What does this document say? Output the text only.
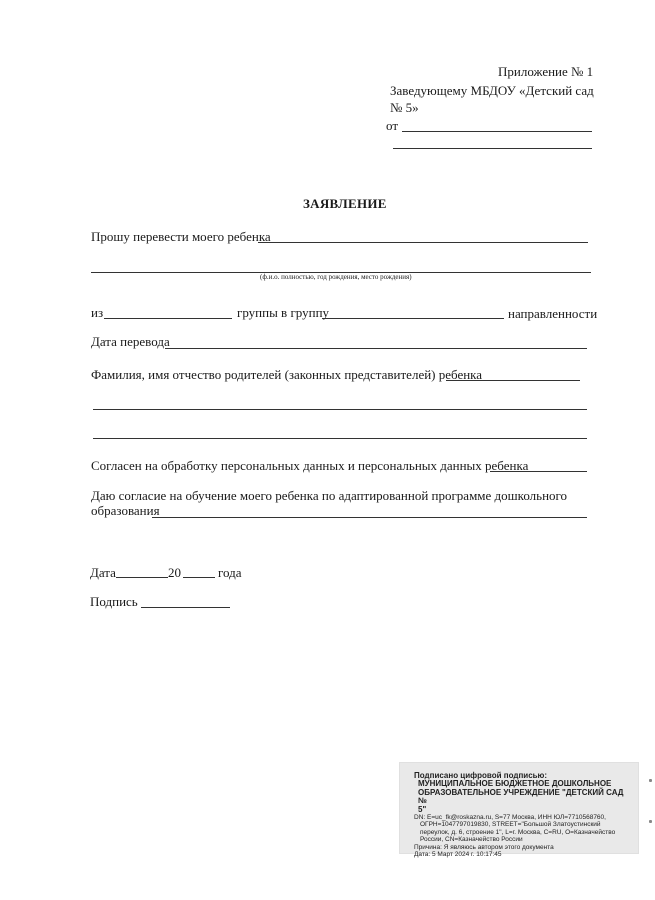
Приложение № 1
Заведующему МБДОУ «Детский сад
№ 5»
от
ЗАЯВЛЕНИЕ
Прошу перевести моего ребенка
(ф.и.о. полностью, год рождения, место рождения)
из	группы в группу	направленности
Дата перевода
Фамилия, имя отчество родителей (законных представителей) ребенка
Согласен на обработку персональных данных и персональных данных ребенка
Даю согласие на обучение моего ребенка по адаптированной программе дошкольного
образования
Дата	20	года
Подпись
Подписано цифровой подписью:
МУНИЦИПАЛЬНОЕ БЮДЖЕТНОЕ ДОШКОЛЬНОЕ
ОБРАЗОВАТЕЛЬНОЕ УЧРЕЖДЕНИЕ "ДЕТСКИЙ САД №
5"
DN: E=uc_fk@roskazna.ru, S=77 Москва, ИНН ЮЛ=7710568760,
ОГРН=1047797019830, STREET="Большой Златоустинский
переулок, д. 6, строение 1", L=г. Москва, C=RU, O=Казначейство
России, CN=Казначейство России
Причина: Я являюсь автором этого документа
Дата: 5 Март 2024 г. 10:17:45
